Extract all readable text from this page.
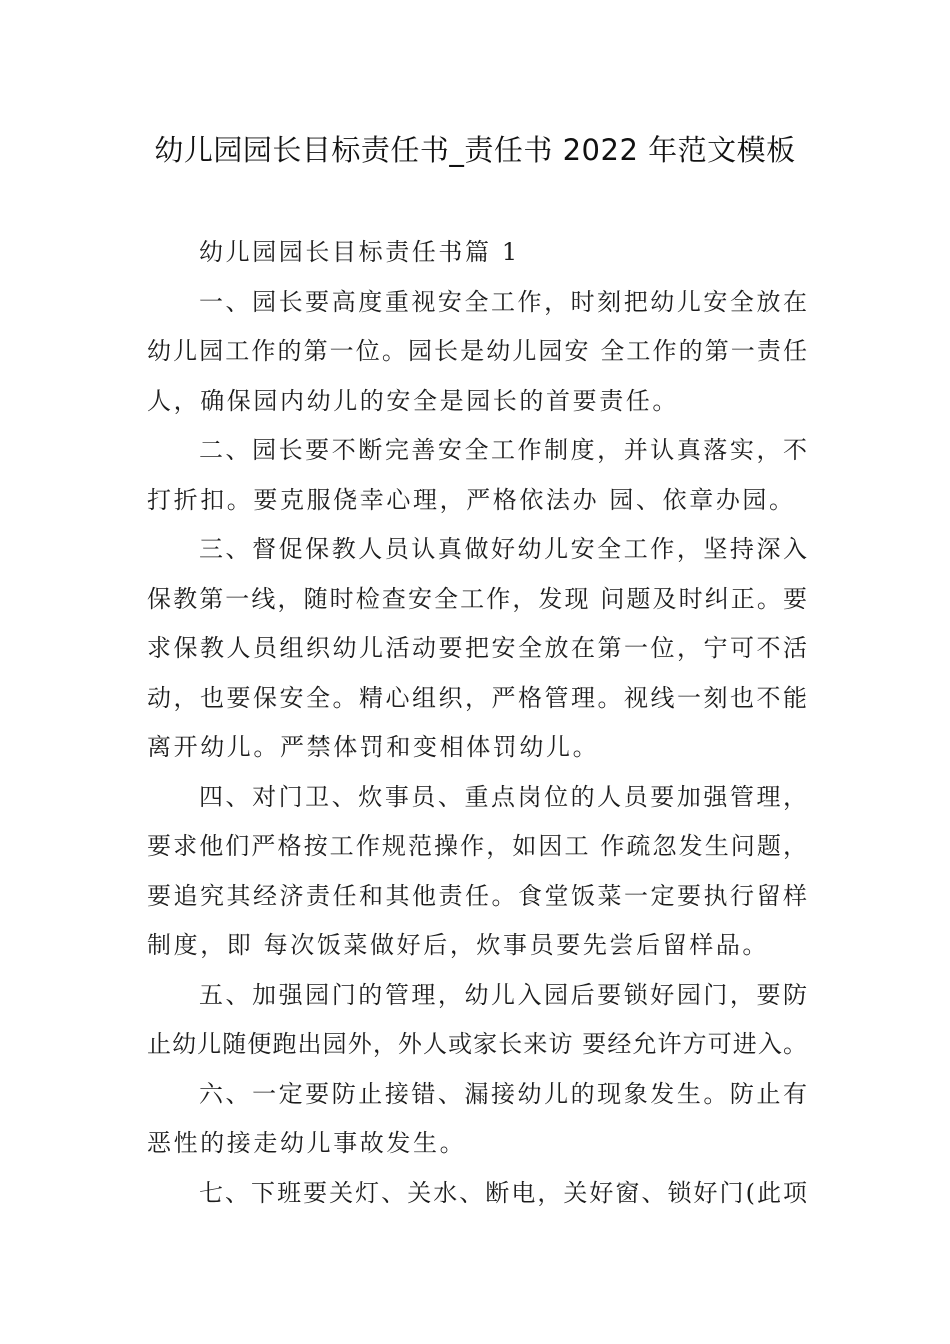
幼儿园园长目标责任书_责任书 2022 年范文模板
幼儿园园长目标责任书篇 1
一、园长要高度重视安全工作，时刻把幼儿安全放在
幼儿园工作的第一位。园长是幼儿园安 全工作的第一责任
人，确保园内幼儿的安全是园长的首要责任。
二、园长要不断完善安全工作制度，并认真落实，不
打折扣。要克服侥幸心理，严格依法办 园、依章办园。
三、督促保教人员认真做好幼儿安全工作，坚持深入
保教第一线，随时检查安全工作，发现 问题及时纠正。要
求保教人员组织幼儿活动要把安全放在第一位，宁可不活
动，也要保安全。精心组织，严格管理。视线一刻也不能
离开幼儿。严禁体罚和变相体罚幼儿。
四、对门卫、炊事员、重点岗位的人员要加强管理，
要求他们严格按工作规范操作，如因工 作疏忽发生问题，
要追究其经济责任和其他责任。食堂饭菜一定要执行留样
制度，即 每次饭菜做好后，炊事员要先尝后留样品。
五、加强园门的管理，幼儿入园后要锁好园门，要防
止幼儿随便跑出园外，外人或家长来访 要经允许方可进入。
六、一定要防止接错、漏接幼儿的现象发生。防止有
恶性的接走幼儿事故发生。
七、下班要关灯、关水、断电，关好窗、锁好门(此项
